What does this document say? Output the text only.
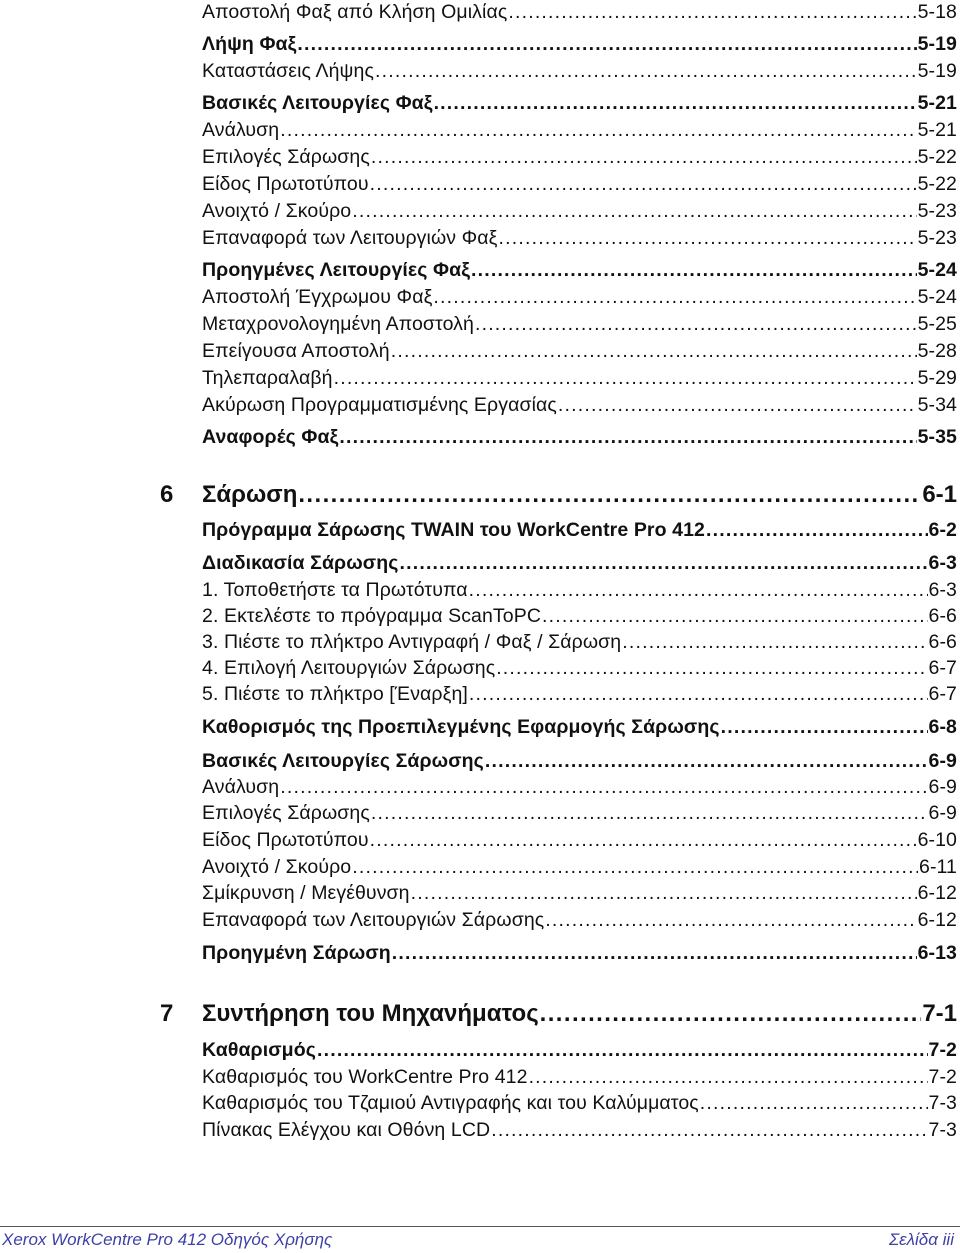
Αποστολή Φαξ από Κλήση Ομιλίας .....	5-18
Λήψη Φαξ .....	5-19
Καταστάσεις Λήψης .....	5-19
Βασικές Λειτουργίες Φαξ .....	5-21
Ανάλυση .....	5-21
Επιλογές Σάρωσης .....	5-22
Είδος Πρωτοτύπου .....	5-22
Ανοιχτό / Σκούρο .....	5-23
Επαναφορά των Λειτουργιών Φαξ .....	5-23
Προηγμένες Λειτουργίες Φαξ .....	5-24
Αποστολή Έγχρωμου Φαξ .....	5-24
Μεταχρονολογημένη Αποστολή .....	5-25
Επείγουσα Αποστολή .....	5-28
Τηλεπαραλαβή .....	5-29
Ακύρωση Προγραμματισμένης Εργασίας .....	5-34
Αναφορές Φαξ .....	5-35
6	Σάρωση .....	6-1
Πρόγραμμα Σάρωσης TWAIN του WorkCentre Pro 412 .....	6-2
Διαδικασία Σάρωσης .....	6-3
1. Τοποθετήστε τα Πρωτότυπα .....	6-3
2. Εκτελέστε το πρόγραμμα ScanToPC .....	6-6
3. Πιέστε το πλήκτρο Αντιγραφή / Φαξ / Σάρωση .....	6-6
4. Επιλογή Λειτουργιών Σάρωσης .....	6-7
5. Πιέστε το πλήκτρο [Έναρξη] .....	6-7
Καθορισμός της Προεπιλεγμένης Εφαρμογής Σάρωσης .....	6-8
Βασικές Λειτουργίες Σάρωσης .....	6-9
Ανάλυση .....	6-9
Επιλογές Σάρωσης .....	6-9
Είδος Πρωτοτύπου .....	6-10
Ανοιχτό / Σκούρο .....	6-11
Σμίκρυνση / Μεγέθυνση .....	6-12
Επαναφορά των Λειτουργιών Σάρωσης .....	6-12
Προηγμένη Σάρωση .....	6-13
7	Συντήρηση του Μηχανήματος .....	7-1
Καθαρισμός .....	7-2
Καθαρισμός του WorkCentre Pro 412 .....	7-2
Καθαρισμός του Τζαμιού Αντιγραφής και του Καλύμματος .....	7-3
Πίνακας Ελέγχου και Οθόνη LCD .....	7-3
Xerox WorkCentre Pro 412 Οδηγός Χρήσης	Σελίδα iii
